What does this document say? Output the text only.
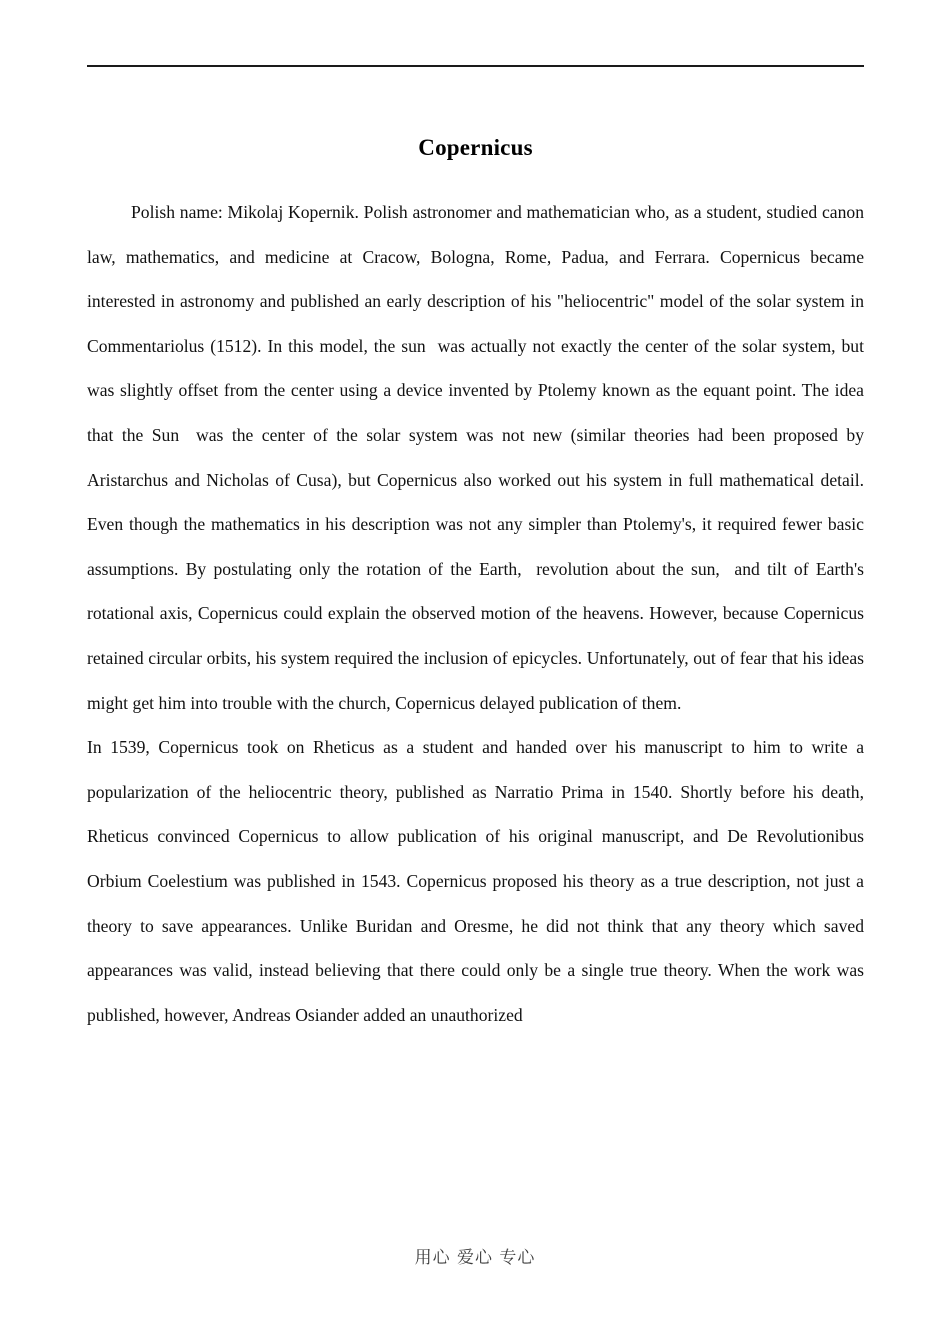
Copernicus

Polish name: Mikolaj Kopernik. Polish astronomer and mathematician who, as a student, studied canon law, mathematics, and medicine at Cracow, Bologna, Rome, Padua, and Ferrara. Copernicus became interested in astronomy and published an early description of his "heliocentric" model of the solar system in Commentariolus (1512). In this model, the sun  was actually not exactly the center of the solar system, but was slightly offset from the center using a device invented by Ptolemy known as the equant point. The idea that the Sun  was the center of the solar system was not new (similar theories had been proposed by Aristarchus and Nicholas of Cusa), but Copernicus also worked out his system in full mathematical detail. Even though the mathematics in his description was not any simpler than Ptolemy's, it required fewer basic assumptions. By postulating only the rotation of the Earth,  revolution about the sun,  and tilt of Earth's rotational axis, Copernicus could explain the observed motion of the heavens. However, because Copernicus retained circular orbits, his system required the inclusion of epicycles. Unfortunately, out of fear that his ideas might get him into trouble with the church, Copernicus delayed publication of them.

In 1539, Copernicus took on Rheticus as a student and handed over his manuscript to him to write a popularization of the heliocentric theory, published as Narratio Prima in 1540. Shortly before his death, Rheticus convinced Copernicus to allow publication of his original manuscript, and De Revolutionibus Orbium Coelestium was published in 1543. Copernicus proposed his theory as a true description, not just a theory to save appearances. Unlike Buridan and Oresme, he did not think that any theory which saved appearances was valid, instead believing that there could only be a single true theory. When the work was published, however, Andreas Osiander added an unauthorized

用心 爱心 专心
